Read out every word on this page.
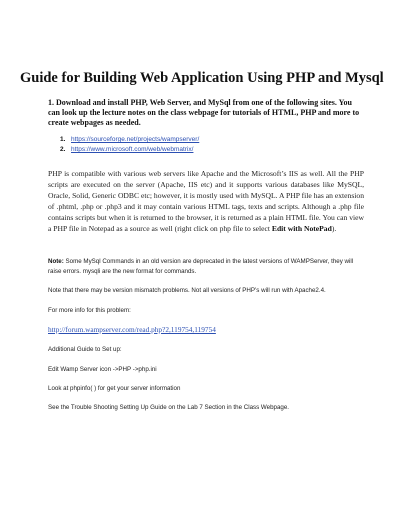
Guide for Building Web Application Using PHP and Mysql

1. Download and install PHP, Web Server, and MySql from one of the following sites. You can look up the lecture notes on the class webpage for tutorials of HTML, PHP and more to create webpages as needed.

1. https://sourceforge.net/projects/wampserver/
2. https://www.microsoft.com/web/webmatrix/

PHP is compatible with various web servers like Apache and the Microsoft’s IIS as well. All the PHP scripts are executed on the server (Apache, IIS etc) and it supports various databases like MySQL, Oracle, Solid, Generic ODBC etc; however, it is mostly used with MySQL. A PHP file has an extension of .phtml, .php or .php3 and it may contain various HTML tags, texts and scripts. Although a .php file contains scripts but when it is returned to the browser, it is returned as a plain HTML file. You can view a PHP file in Notepad as a source as well (right click on php file to select Edit with NotePad).

Note: Some MySql Commands in an old version are deprecated in the latest versions of WAMPServer, they will raise errors. mysqli are the new format for commands.

Note that there may be version mismatch problems. Not all versions of PHP’s will run with Apache2.4.

For more info for this problem:

http://forum.wampserver.com/read.php?2,119754,119754

Additional Guide to Set up:

Edit Wamp Server icon ->PHP ->php.ini

Look at phpinfo( ) for get your server information

See the Trouble Shooting Setting Up Guide on the Lab 7 Section in the Class Webpage.
